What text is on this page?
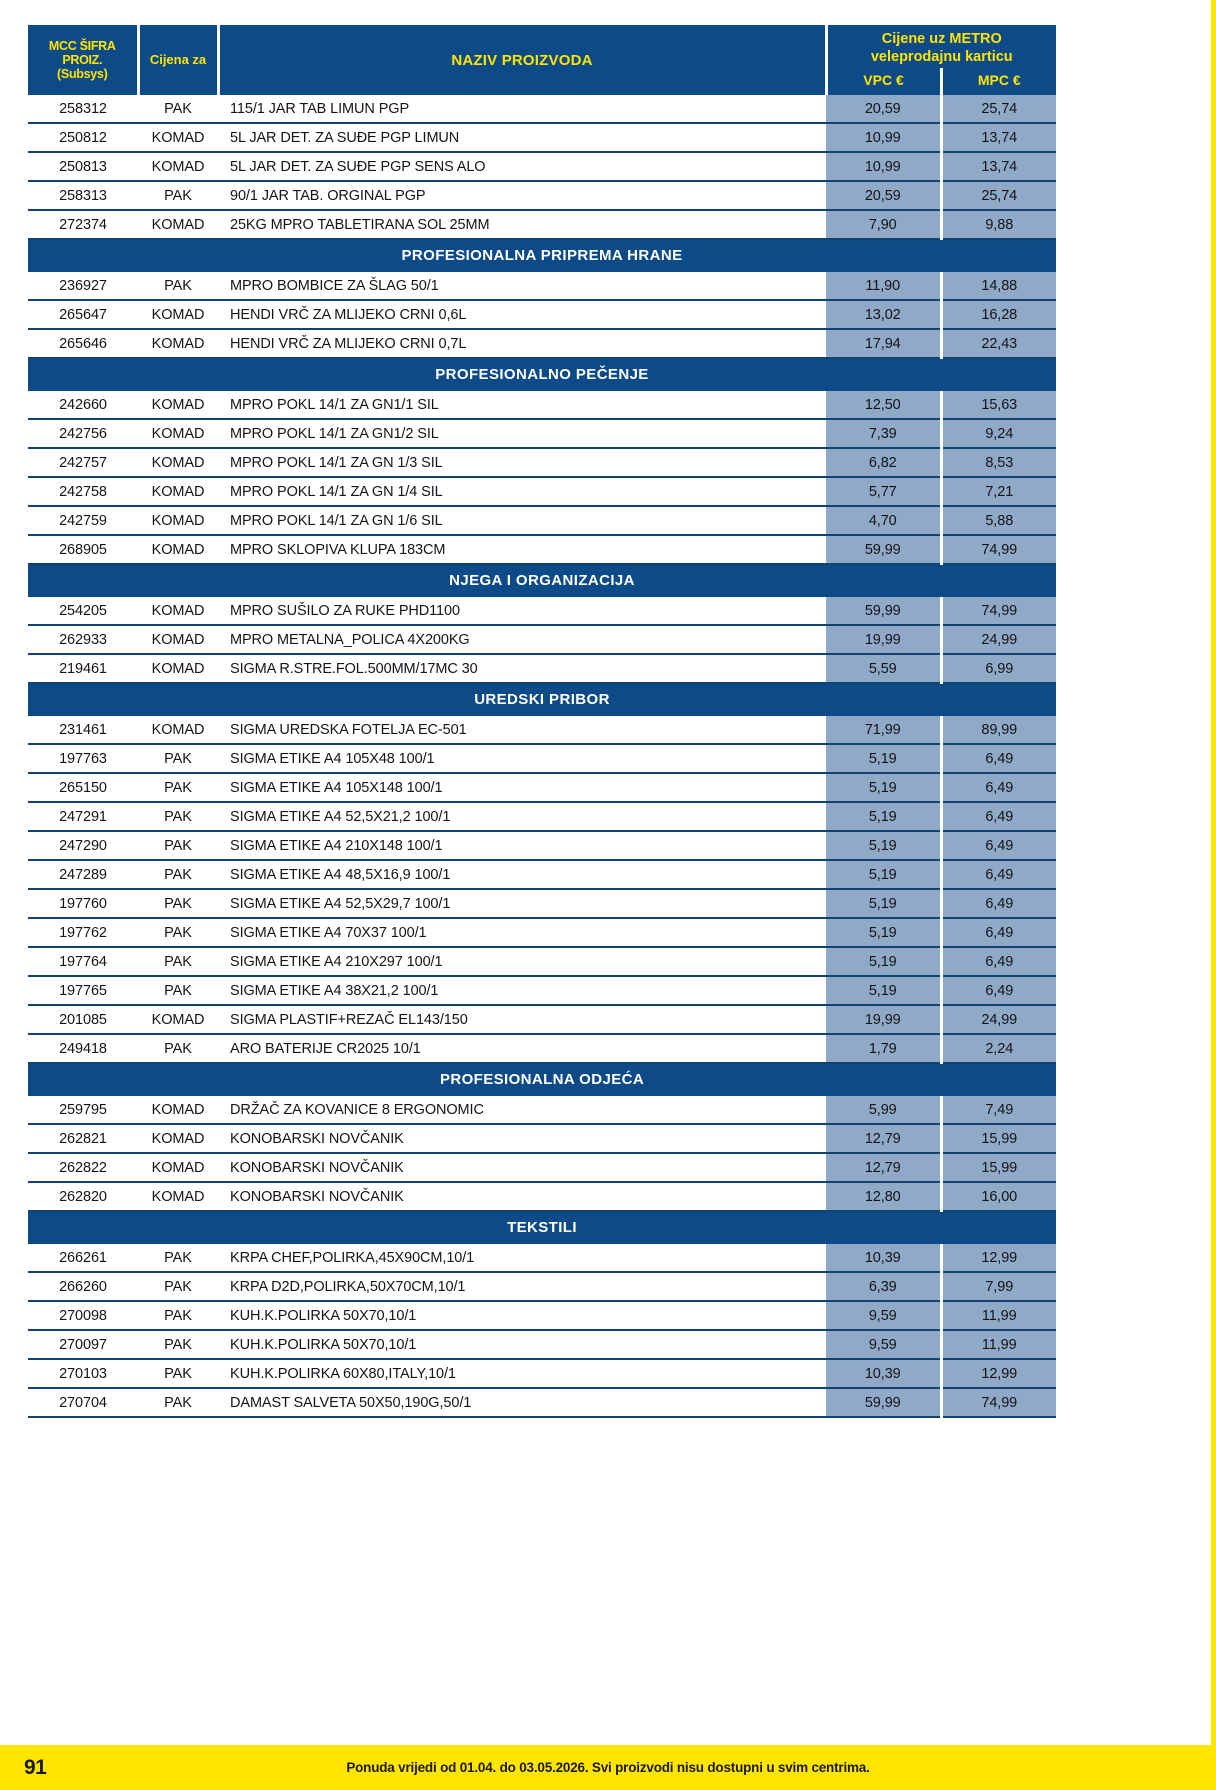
MCC ŠIFRA PROIZ.
(Subsys)	Cijena za	NAZIV PROIZVODA	Cijene uz METRO veleprodajnu karticu	
			VPC €	MPC €
258312	PAK	115/1 JAR TAB LIMUN PGP	20,59	25,74
250812	KOMAD	5L JAR DET. ZA SUĐE PGP LIMUN	10,99	13,74
250813	KOMAD	5L JAR DET. ZA SUĐE PGP SENS ALO	10,99	13,74
258313	PAK	90/1 JAR TAB. ORGINAL PGP	20,59	25,74
272374	KOMAD	25KG MPRO TABLETIRANA SOL 25MM	7,90	9,88
PROFESIONALNA PRIPREMA HRANE				
236927	PAK	MPRO BOMBICE ZA ŠLAG 50/1	11,90	14,88
265647	KOMAD	HENDI VRČ ZA MLIJEKO CRNI 0,6L	13,02	16,28
265646	KOMAD	HENDI VRČ ZA MLIJEKO CRNI 0,7L	17,94	22,43
PROFESIONALNO PEČENJE				
242660	KOMAD	MPRO POKL 14/1 ZA GN1/1 SIL	12,50	15,63
242756	KOMAD	MPRO POKL 14/1 ZA GN1/2 SIL	7,39	9,24
242757	KOMAD	MPRO POKL 14/1 ZA GN 1/3 SIL	6,82	8,53
242758	KOMAD	MPRO POKL 14/1 ZA GN 1/4 SIL	5,77	7,21
242759	KOMAD	MPRO POKL 14/1 ZA GN 1/6 SIL	4,70	5,88
268905	KOMAD	MPRO SKLOPIVA KLUPA 183CM	59,99	74,99
NJEGA I ORGANIZACIJA				
254205	KOMAD	MPRO SUŠILO ZA RUKE PHD1100	59,99	74,99
262933	KOMAD	MPRO METALNA_POLICA 4X200KG	19,99	24,99
219461	KOMAD	SIGMA R.STRE.FOL.500MM/17MC 30	5,59	6,99
UREDSKI PRIBOR				
231461	KOMAD	SIGMA UREDSKA FOTELJA EC-501	71,99	89,99
197763	PAK	SIGMA ETIKE A4 105X48 100/1	5,19	6,49
265150	PAK	SIGMA ETIKE A4 105X148 100/1	5,19	6,49
247291	PAK	SIGMA ETIKE A4 52,5X21,2 100/1	5,19	6,49
247290	PAK	SIGMA ETIKE A4 210X148 100/1	5,19	6,49
247289	PAK	SIGMA ETIKE A4 48,5X16,9 100/1	5,19	6,49
197760	PAK	SIGMA ETIKE A4 52,5X29,7 100/1	5,19	6,49
197762	PAK	SIGMA ETIKE A4 70X37 100/1	5,19	6,49
197764	PAK	SIGMA ETIKE A4 210X297 100/1	5,19	6,49
197765	PAK	SIGMA ETIKE A4 38X21,2 100/1	5,19	6,49
201085	KOMAD	SIGMA PLASTIF+REZAČ EL143/150	19,99	24,99
249418	PAK	ARO BATERIJE CR2025 10/1	1,79	2,24
PROFESIONALNA ODJEĆA				
259795	KOMAD	DRŽAČ ZA KOVANICE 8 ERGONOMIC	5,99	7,49
262821	KOMAD	KONOBARSKI NOVČANIK	12,79	15,99
262822	KOMAD	KONOBARSKI NOVČANIK	12,79	15,99
262820	KOMAD	KONOBARSKI NOVČANIK	12,80	16,00
TEKSTILI				
266261	PAK	KRPA CHEF,POLIRKA,45X90CM,10/1	10,39	12,99
266260	PAK	KRPA D2D,POLIRKA,50X70CM,10/1	6,39	7,99
270098	PAK	KUH.K.POLIRKA 50X70,10/1	9,59	11,99
270097	PAK	KUH.K.POLIRKA 50X70,10/1	9,59	11,99
270103	PAK	KUH.K.POLIRKA 60X80,ITALY,10/1	10,39	12,99
270704	PAK	DAMAST SALVETA 50X50,190G,50/1	59,99	74,99
91	Ponuda vrijedi od 01.04. do 03.05.2026. Svi proizvodi nisu dostupni u svim centrima.
